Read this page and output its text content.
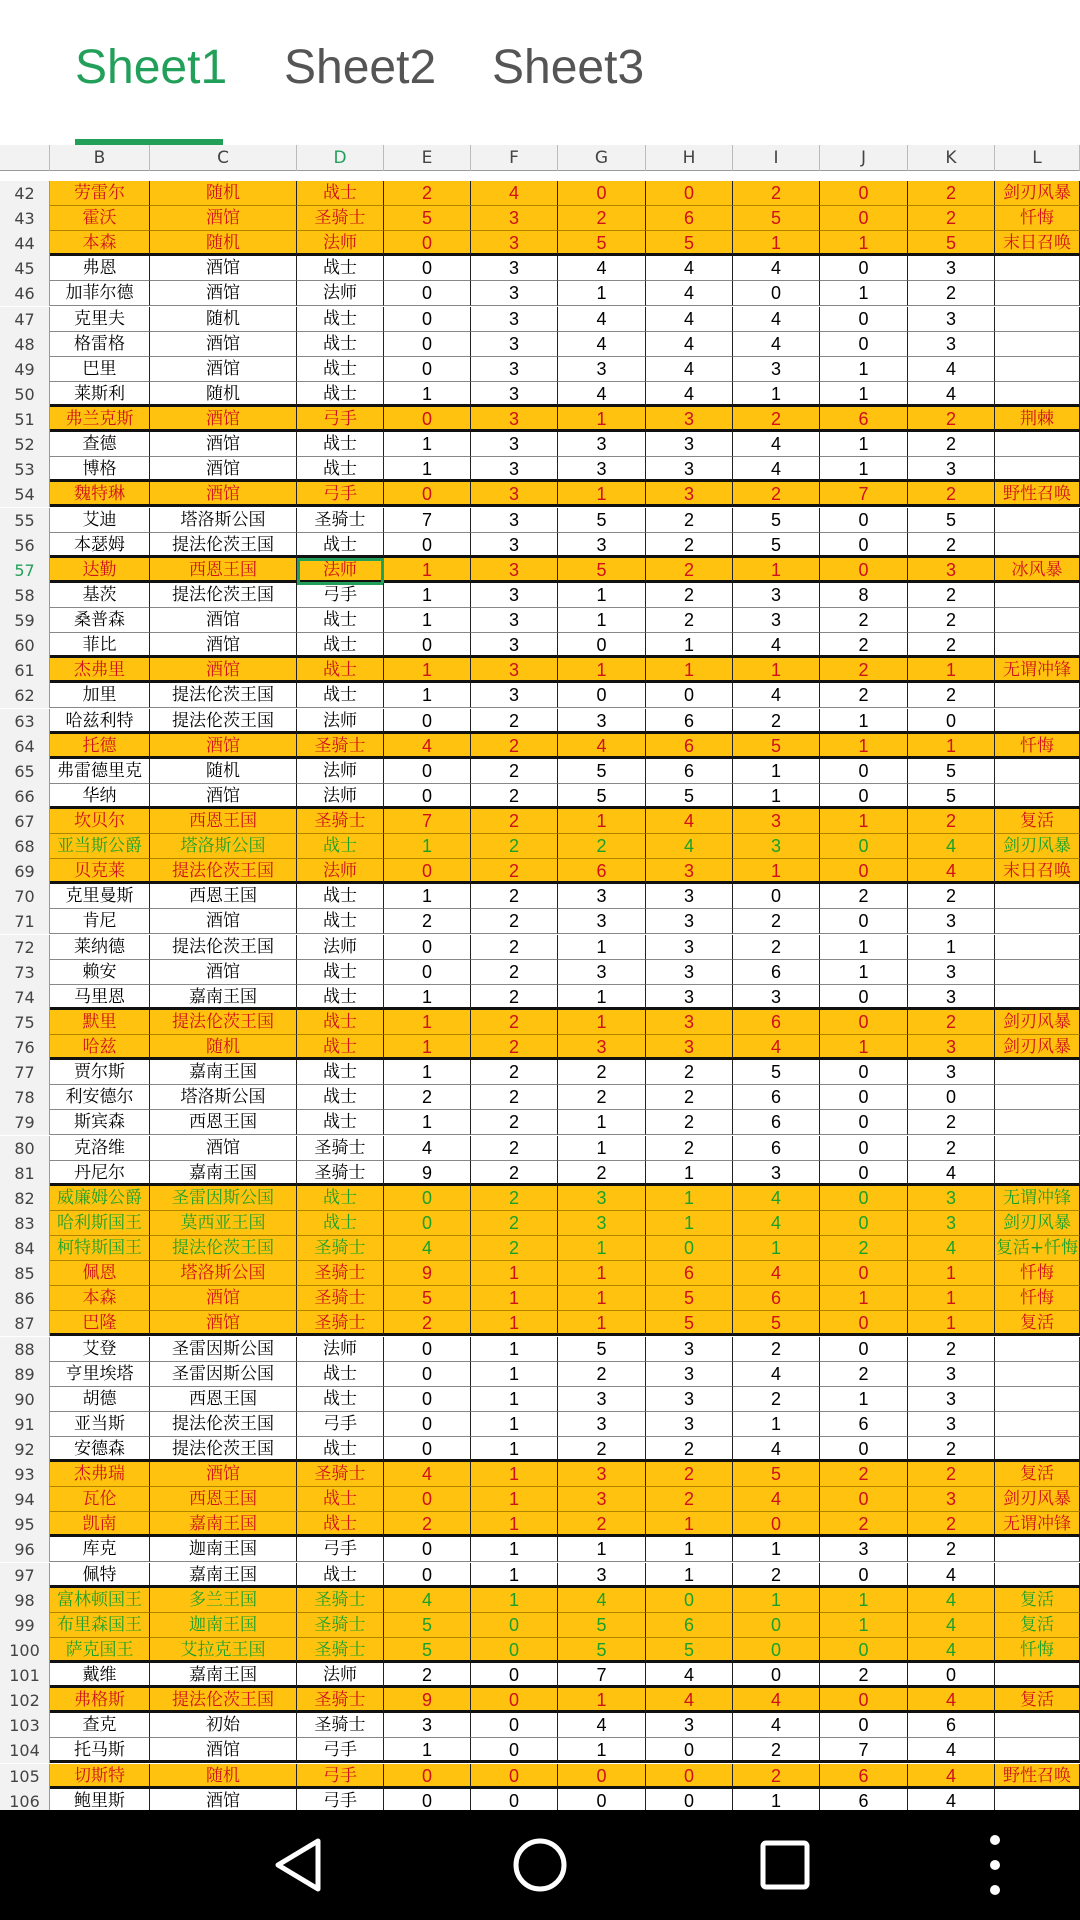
Sheet1 Sheet2 Sheet3
B	C	D	E	F	G	H	I	J	K	L
42	劳雷尔	随机	战士	2	4	0	0	2	0	2	剑刃风暴
43	霍沃	酒馆	圣骑士	5	3	2	6	5	0	2	忏悔
44	本森	随机	法师	0	3	5	5	1	1	5	末日召唤
45	弗恩	酒馆	战士	0	3	4	4	4	0	3
46	加菲尔德	酒馆	法师	0	3	1	4	0	1	2
47	克里夫	随机	战士	0	3	4	4	4	0	3
48	格雷格	酒馆	战士	0	3	4	4	4	0	3
49	巴里	酒馆	战士	0	3	3	4	3	1	4
50	莱斯利	随机	战士	1	3	4	4	1	1	4
51	弗兰克斯	酒馆	弓手	0	3	1	3	2	6	2	荆棘
52	查德	酒馆	战士	1	3	3	3	4	1	2
53	博格	酒馆	战士	1	3	3	3	4	1	3
54	魏特琳	酒馆	弓手	0	3	1	3	2	7	2	野性召唤
55	艾迪	塔洛斯公国	圣骑士	7	3	5	2	5	0	5
56	本瑟姆	提法伦茨王国	战士	0	3	3	2	5	0	2
57	达勤	西恩王国	法师	1	3	5	2	1	0	3	冰风暴
58	基茨	提法伦茨王国	弓手	1	3	1	2	3	8	2
59	桑普森	酒馆	战士	1	3	1	2	3	2	2
60	菲比	酒馆	战士	0	3	0	1	4	2	2
61	杰弗里	酒馆	战士	1	3	1	1	1	2	1	无谓冲锋
62	加里	提法伦茨王国	战士	1	3	0	0	4	2	2
63	哈兹利特	提法伦茨王国	法师	0	2	3	6	2	1	0
64	托德	酒馆	圣骑士	4	2	4	6	5	1	1	忏悔
65	弗雷德里克	随机	法师	0	2	5	6	1	0	5
66	华纳	酒馆	法师	0	2	5	5	1	0	5
67	坎贝尔	西恩王国	圣骑士	7	2	1	4	3	1	2	复活
68	亚当斯公爵	塔洛斯公国	战士	1	2	2	4	3	0	4	剑刃风暴
69	贝克莱	提法伦茨王国	法师	0	2	6	3	1	0	4	末日召唤
70	克里曼斯	西恩王国	战士	1	2	3	3	0	2	2
71	肯尼	酒馆	战士	2	2	3	3	2	0	3
72	莱纳德	提法伦茨王国	法师	0	2	1	3	2	1	1
73	赖安	酒馆	战士	0	2	3	3	6	1	3
74	马里恩	嘉南王国	战士	1	2	1	3	3	0	3
75	默里	提法伦茨王国	战士	1	2	1	3	6	0	2	剑刃风暴
76	哈兹	随机	战士	1	2	3	3	4	1	3	剑刃风暴
77	贾尔斯	嘉南王国	战士	1	2	2	2	5	0	3
78	利安德尔	塔洛斯公国	战士	2	2	2	2	6	0	0
79	斯宾森	西恩王国	战士	1	2	1	2	6	0	2
80	克洛维	酒馆	圣骑士	4	2	1	2	6	0	2
81	丹尼尔	嘉南王国	圣骑士	9	2	2	1	3	0	4
82	威廉姆公爵	圣雷因斯公国	战士	0	2	3	1	4	0	3	无谓冲锋
83	哈利斯国王	莫西亚王国	战士	0	2	3	1	4	0	3	剑刃风暴
84	柯特斯国王	提法伦茨王国	圣骑士	4	2	1	0	1	2	4	复活+忏悔
85	佩恩	塔洛斯公国	圣骑士	9	1	1	6	4	0	1	忏悔
86	本森	酒馆	圣骑士	5	1	1	5	6	1	1	忏悔
87	巴隆	酒馆	圣骑士	2	1	1	5	5	0	1	复活
88	艾登	圣雷因斯公国	法师	0	1	5	3	2	0	2
89	亨里埃塔	圣雷因斯公国	战士	0	1	2	3	4	2	3
90	胡德	西恩王国	战士	0	1	3	3	2	1	3
91	亚当斯	提法伦茨王国	弓手	0	1	3	3	1	6	3
92	安德森	提法伦茨王国	战士	0	1	2	2	4	0	2
93	杰弗瑞	酒馆	圣骑士	4	1	3	2	5	2	2	复活
94	瓦伦	西恩王国	战士	0	1	3	2	4	0	3	剑刃风暴
95	凯南	嘉南王国	战士	2	1	2	1	0	2	2	无谓冲锋
96	库克	迦南王国	弓手	0	1	1	1	1	3	2
97	佩特	嘉南王国	战士	0	1	3	1	2	0	4
98	富林顿国王	多兰王国	圣骑士	4	1	4	0	1	1	4	复活
99	布里森国王	迦南王国	圣骑士	5	0	5	6	0	1	4	复活
100	萨克国王	艾拉克王国	圣骑士	5	0	5	5	0	0	4	忏悔
101	戴维	嘉南王国	法师	2	0	7	4	0	2	0
102	弗格斯	提法伦茨王国	圣骑士	9	0	1	4	4	0	4	复活
103	查克	初始	圣骑士	3	0	4	3	4	0	6
104	托马斯	酒馆	弓手	1	0	1	0	2	7	4
105	切斯特	随机	弓手	0	0	0	0	2	6	4	野性召唤
106	鲍里斯	酒馆	弓手	0	0	0	0	1	6	4
